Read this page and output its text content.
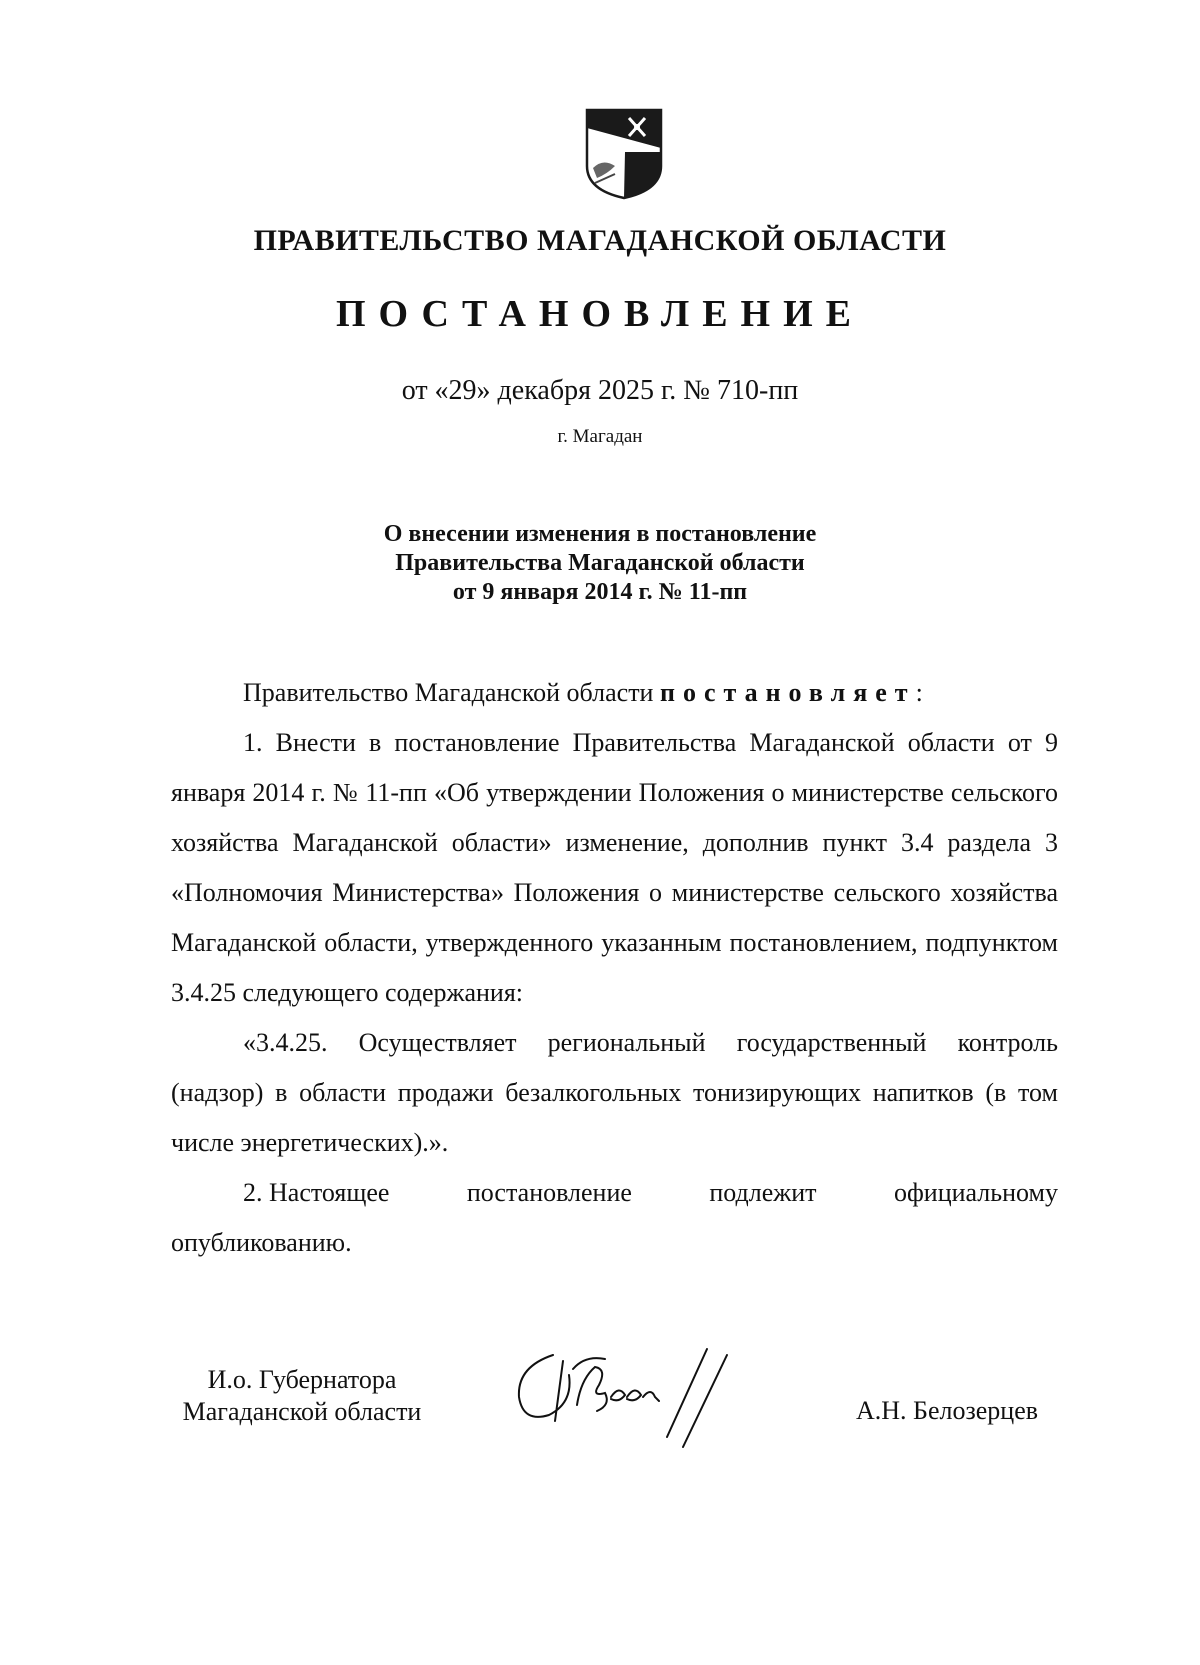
ПРАВИТЕЛЬСТВО МАГАДАНСКОЙ ОБЛАСТИ
ПОСТАНОВЛЕНИЕ
от «29» декабря 2025 г. № 710-пп
г. Магадан
О внесении изменения в постановление
Правительства Магаданской области
от 9 января 2014 г. № 11-пп

Правительство Магаданской области постановляет:

1. Внести в постановление Правительства Магаданской области от 9 января 2014 г. № 11-пп «Об утверждении Положения о министерстве сельского хозяйства Магаданской области» изменение, дополнив пункт 3.4 раздела 3 «Полномочия Министерства» Положения о министерстве сельского хозяйства Магаданской области, утвержденного указанным постановлением, подпунктом 3.4.25 следующего содержания:

«3.4.25. Осуществляет региональный государственный контроль (надзор) в области продажи безалкогольных тонизирующих напитков (в том числе энергетических).».

2. Настоящее	постановление	подлежит	официальному
опубликованию.

И.о. Губернатора
Магаданской области	А.Н. Белозерцев
